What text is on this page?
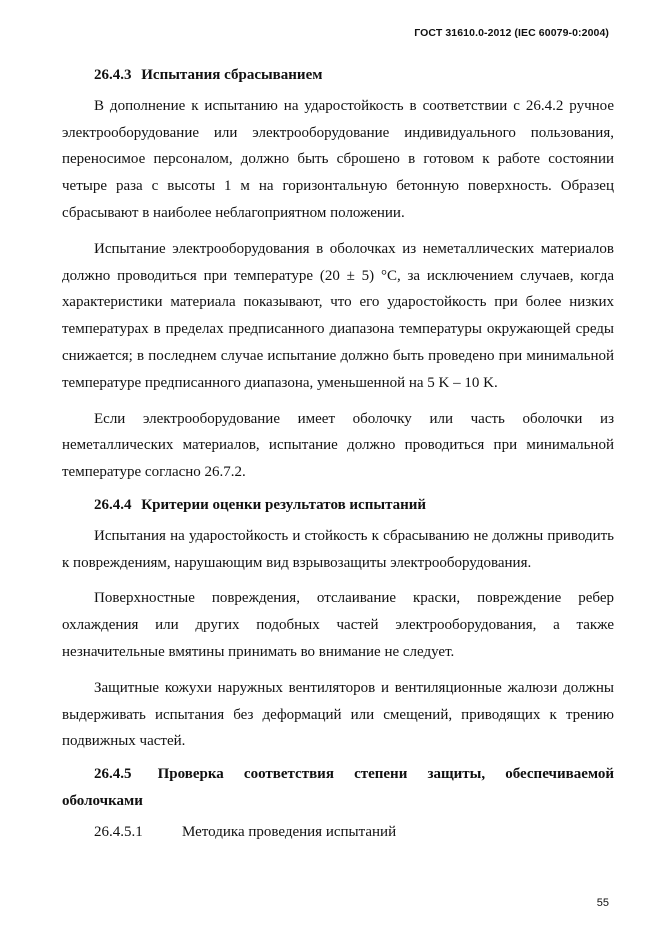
ГОСТ 31610.0-2012 (IEC 60079-0:2004)

26.4.3 Испытания сбрасыванием

В дополнение к испытанию на ударостойкость в соответствии с 26.4.2 ручное электрооборудование или электрооборудование индивидуального пользования, переносимое персоналом, должно быть сброшено в готовом к работе состоянии четыре раза с высоты 1 м на горизонтальную бетонную поверхность. Образец сбрасывают в наиболее неблагоприятном положении.

Испытание электрооборудования в оболочках из неметаллических материалов должно проводиться при температуре (20 ± 5) °С, за исключением случаев, когда характеристики материала показывают, что его ударостойкость при более низких температурах в пределах предписанного диапазона температуры окружающей среды снижается; в последнем случае испытание должно быть проведено при минимальной температуре предписанного диапазона, уменьшенной на 5 K – 10 K.

Если электрооборудование имеет оболочку или часть оболочки из неметаллических материалов, испытание должно проводиться при минимальной температуре согласно 26.7.2.

26.4.4 Критерии оценки результатов испытаний

Испытания на ударостойкость и стойкость к сбрасыванию не должны приводить к повреждениям, нарушающим вид взрывозащиты электрооборудования.

Поверхностные повреждения, отслаивание краски, повреждение ребер охлаждения или других подобных частей электрооборудования, а также незначительные вмятины принимать во внимание не следует.

Защитные кожухи наружных вентиляторов и вентиляционные жалюзи должны выдерживать испытания без деформаций или смещений, приводящих к трению подвижных частей.

26.4.5 Проверка соответствия степени защиты, обеспечиваемой оболочками

26.4.5.1	Методика проведения испытаний

55
